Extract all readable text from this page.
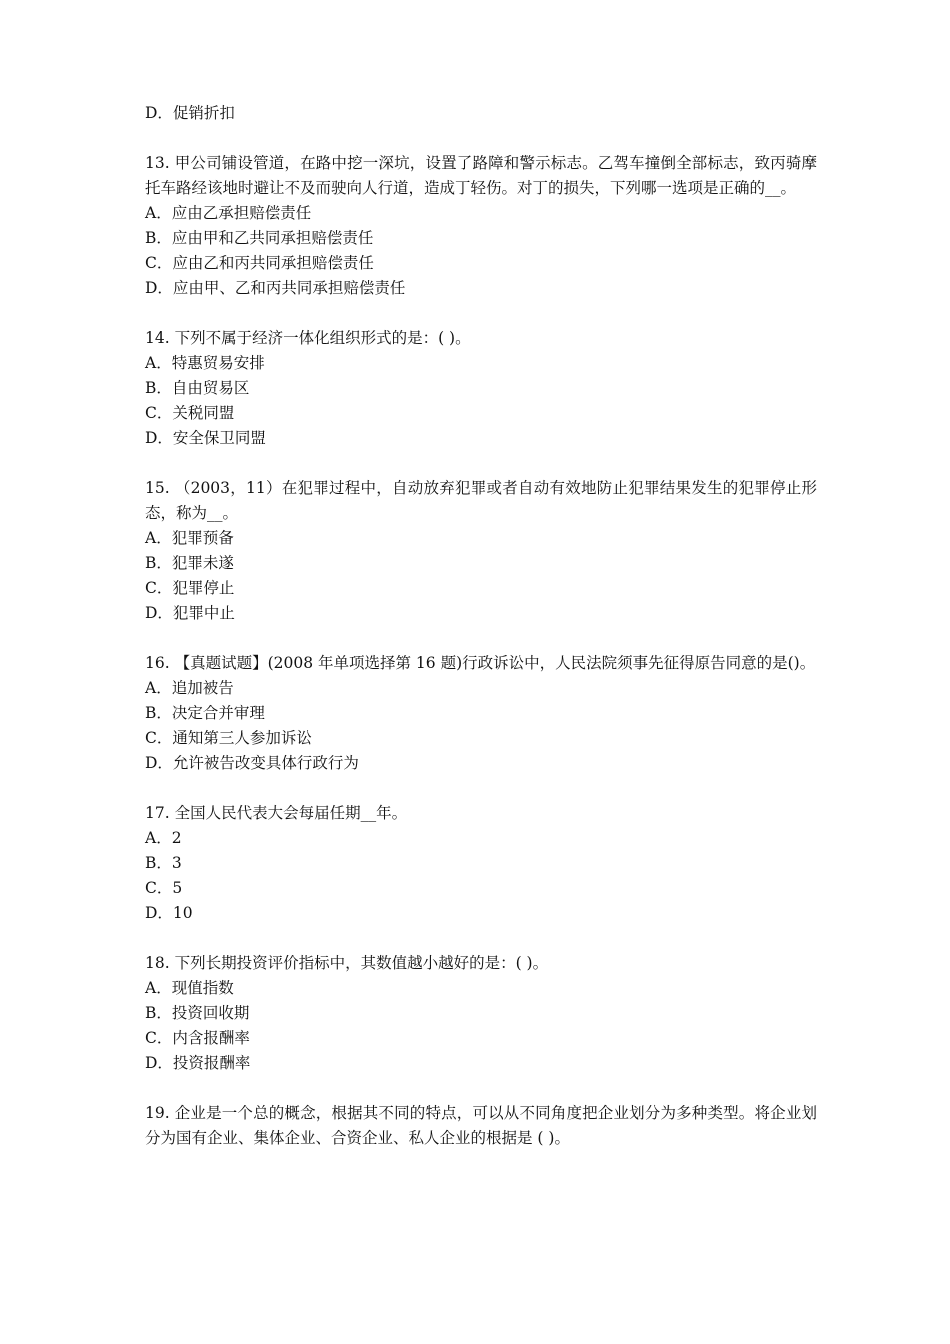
D．促销折扣
13. 甲公司铺设管道，在路中挖一深坑，设置了路障和警示标志。乙驾车撞倒全部标志，致丙骑摩托车路经该地时避让不及而驶向人行道，造成丁轻伤。对丁的损失，下列哪一选项是正确的__。
A．应由乙承担赔偿责任
B．应由甲和乙共同承担赔偿责任
C．应由乙和丙共同承担赔偿责任
D．应由甲、乙和丙共同承担赔偿责任
14. 下列不属于经济一体化组织形式的是：( )。
A．特惠贸易安排
B．自由贸易区
C．关税同盟
D．安全保卫同盟
15. （2003，11）在犯罪过程中，自动放弃犯罪或者自动有效地防止犯罪结果发生的犯罪停止形态，称为__。
A．犯罪预备
B．犯罪未遂
C．犯罪停止
D．犯罪中止
16. 【真题试题】(2008 年单项选择第 16 题)行政诉讼中，人民法院须事先征得原告同意的是()。
A．追加被告
B．决定合并审理
C．通知第三人参加诉讼
D．允许被告改变具体行政行为
17. 全国人民代表大会每届任期__年。
A．2
B．3
C．5
D．10
18. 下列长期投资评价指标中，其数值越小越好的是：( )。
A．现值指数
B．投资回收期
C．内含报酬率
D．投资报酬率
19. 企业是一个总的概念，根据其不同的特点，可以从不同角度把企业划分为多种类型。将企业划分为国有企业、集体企业、合资企业、私人企业的根据是 ( )。
